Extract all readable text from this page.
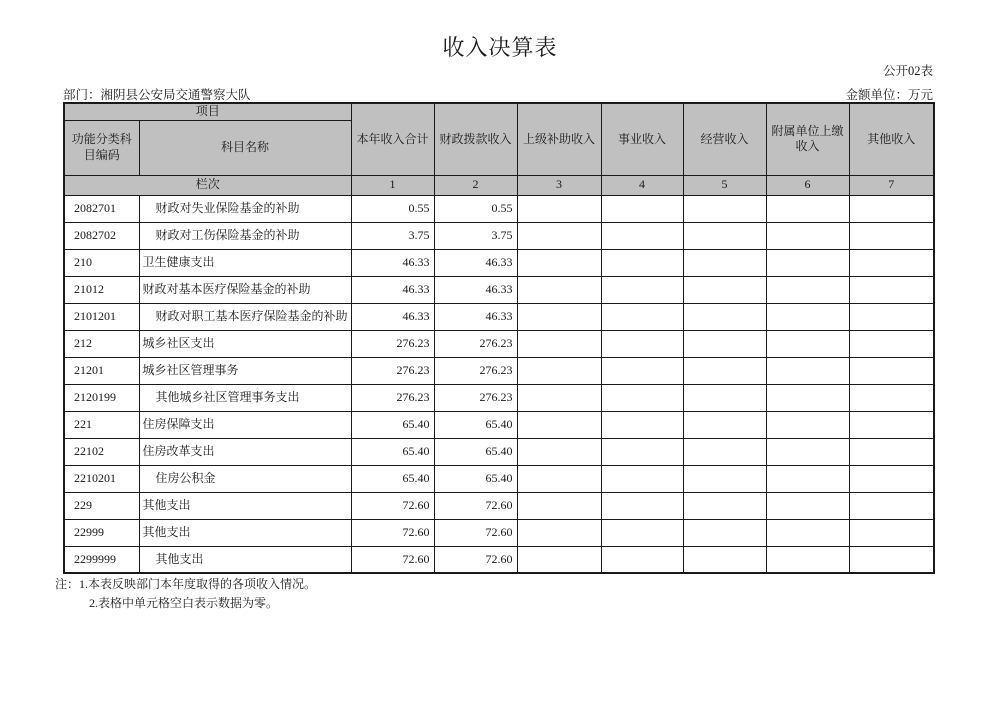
收入决算表
公开02表
部门：湘阴县公安局交通警察大队	金额单位：万元
项目		本年收入合计	财政拨款收入	上级补助收入	事业收入	经营收入	附属单位上缴收入	其他收入
功能分类科目编码	科目名称							
栏次		1	2	3	4	5	6	7
2082701	财政对失业保险基金的补助	0.55	0.55					
2082702	财政对工伤保险基金的补助	3.75	3.75					
210	卫生健康支出	46.33	46.33					
21012	财政对基本医疗保险基金的补助	46.33	46.33					
2101201	财政对职工基本医疗保险基金的补助	46.33	46.33					
212	城乡社区支出	276.23	276.23					
21201	城乡社区管理事务	276.23	276.23					
2120199	其他城乡社区管理事务支出	276.23	276.23					
221	住房保障支出	65.40	65.40					
22102	住房改革支出	65.40	65.40					
2210201	住房公积金	65.40	65.40					
229	其他支出	72.60	72.60					
22999	其他支出	72.60	72.60					
2299999	其他支出	72.60	72.60					
注：1.本表反映部门本年度取得的各项收入情况。
2.表格中单元格空白表示数据为零。
